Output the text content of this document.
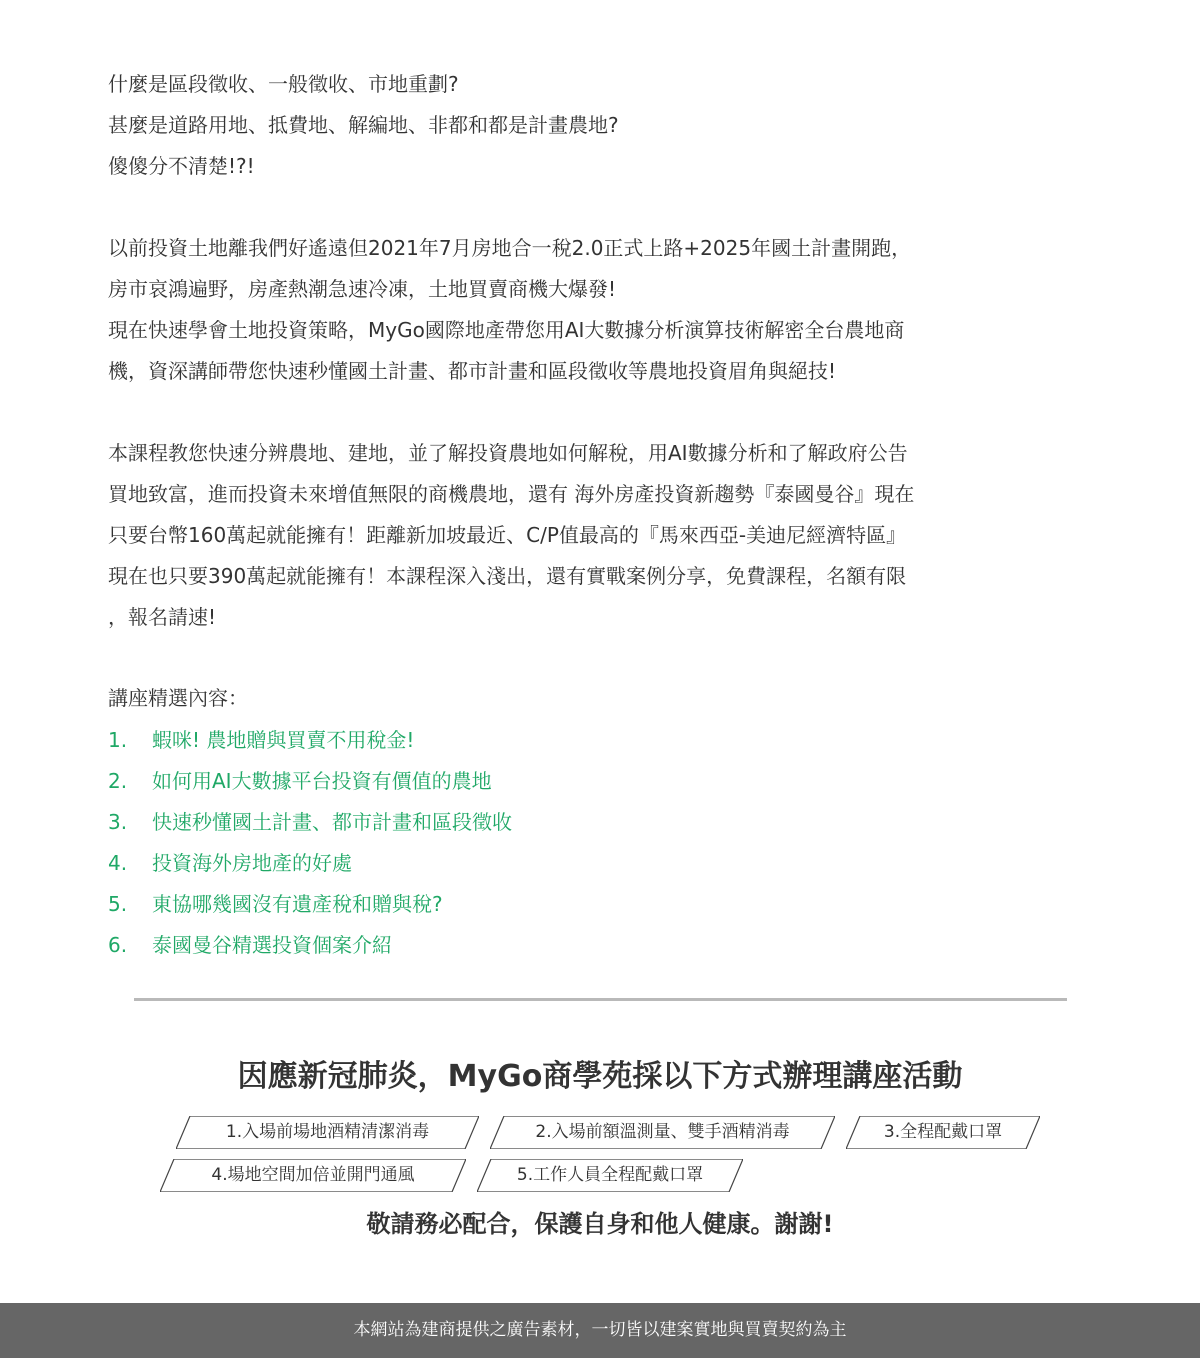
什麼是區段徵收、一般徵收、市地重劃?

甚麼是道路用地、抵費地、解編地、非都和都是計畫農地?

傻傻分不清楚!?!

以前投資土地離我們好遙遠但2021年7月房地合一稅2.0正式上路+2025年國土計畫開跑，

房市哀鴻遍野，房產熱潮急速冷凍，土地買賣商機大爆發!

現在快速學會土地投資策略，MyGo國際地產帶您用AI大數據分析演算技術解密全台農地商

機，資深講師帶您快速秒懂國土計畫、都市計畫和區段徵收等農地投資眉角與絕技!

本課程教您快速分辨農地、建地，並了解投資農地如何解稅，用AI數據分析和了解政府公告

買地致富，進而投資未來增值無限的商機農地，還有 海外房產投資新趨勢『泰國曼谷』現在

只要台幣160萬起就能擁有！距離新加坡最近、C/P值最高的『馬來西亞-美迪尼經濟特區』

現在也只要390萬起就能擁有！本課程深入淺出，還有實戰案例分享，免費課程，名額有限

，報名請速!

講座精選內容：
1.	蝦咪! 農地贈與買賣不用稅金!
2.	如何用AI大數據平台投資有價值的農地
3.	快速秒懂國土計畫、都市計畫和區段徵收
4.	投資海外房地產的好處
5.	東協哪幾國沒有遺產稅和贈與稅?
6.	泰國曼谷精選投資個案介紹
因應新冠肺炎，MyGo商學苑採以下方式辦理講座活動
1.入場前場地酒精清潔消毒	2.入場前額溫測量、雙手酒精消毒	3.全程配戴口罩
4.場地空間加倍並開門通風	5.工作人員全程配戴口罩
敬請務必配合，保護自身和他人健康。謝謝!
本網站為建商提供之廣告素材，一切皆以建案實地與買賣契約為主
